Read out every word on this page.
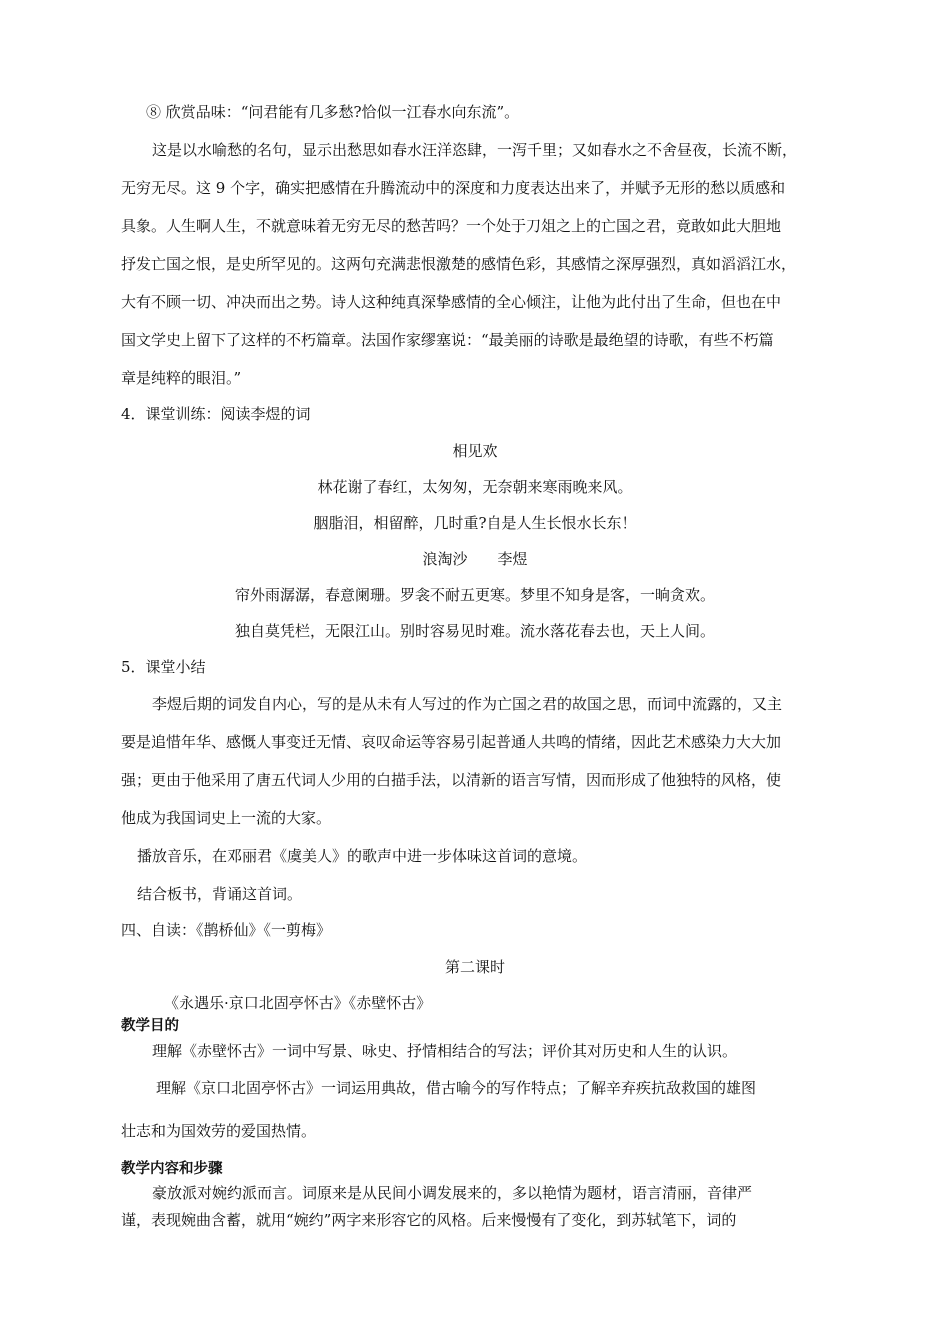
⑧ 欣赏品味：“问君能有几多愁?恰似一江春水向东流”。
这是以水喻愁的名句，显示出愁思如春水汪洋恣肆，一泻千里；又如春水之不舍昼夜，长流不断，
无穷无尽。这 9 个字，确实把感情在升腾流动中的深度和力度表达出来了，并赋予无形的愁以质感和
具象。人生啊人生，不就意味着无穷无尽的愁苦吗？一个处于刀俎之上的亡国之君，竟敢如此大胆地
抒发亡国之恨，是史所罕见的。这两句充满悲恨激楚的感情色彩，其感情之深厚强烈，真如滔滔江水，
大有不顾一切、冲决而出之势。诗人这种纯真深挚感情的全心倾注，让他为此付出了生命，但也在中
国文学史上留下了这样的不朽篇章。法国作家缪塞说：“最美丽的诗歌是最绝望的诗歌，有些不朽篇
章是纯粹的眼泪。”
4．课堂训练：阅读李煜的词
相见欢
林花谢了春红，太匆匆，无奈朝来寒雨晚来风。
胭脂泪，相留醉，几时重?自是人生长恨水长东！
浪淘沙　　李煜
帘外雨潺潺，春意阑珊。罗衾不耐五更寒。梦里不知身是客，一晌贪欢。
独自莫凭栏，无限江山。别时容易见时难。流水落花春去也，天上人间。
5．课堂小结
李煜后期的词发自内心，写的是从未有人写过的作为亡国之君的故国之思，而词中流露的，又主
要是追惜年华、感慨人事变迁无情、哀叹命运等容易引起普通人共鸣的情绪，因此艺术感染力大大加
强；更由于他采用了唐五代词人少用的白描手法，以清新的语言写情，因而形成了他独特的风格，使
他成为我国词史上一流的大家。
播放音乐，在邓丽君《虞美人》的歌声中进一步体味这首词的意境。
结合板书，背诵这首词。
四、自读：《鹊桥仙》《一剪梅》
第二课时
《永遇乐·京口北固亭怀古》《赤壁怀古》
教学目的
理解《赤壁怀古》一词中写景、咏史、抒情相结合的写法；评价其对历史和人生的认识。
理解《京口北固亭怀古》一词运用典故，借古喻今的写作特点；了解辛弃疾抗敌救国的雄图
壮志和为国效劳的爱国热情。
教学内容和步骤
豪放派对婉约派而言。词原来是从民间小调发展来的，多以艳情为题材，语言清丽，音律严
谨，表现婉曲含蓄，就用“婉约”两字来形容它的风格。后来慢慢有了变化，到苏轼笔下，词的
